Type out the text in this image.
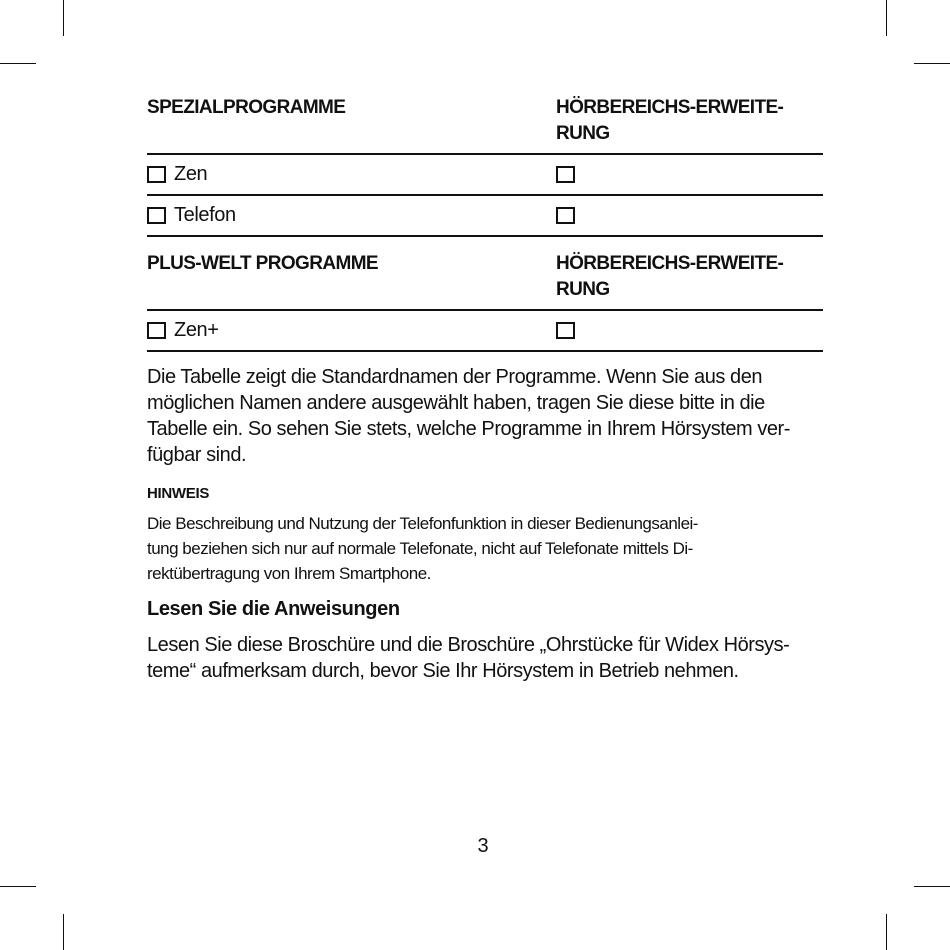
SPEZIALPROGRAMME	HÖRBEREICHS-ERWEITE-
RUNG
Zen
Telefon
PLUS-WELT PROGRAMME	HÖRBEREICHS-ERWEITE-
RUNG
Zen+

Die Tabelle zeigt die Standardnamen der Programme. Wenn Sie aus den möglichen Namen andere ausgewählt haben, tragen Sie diese bitte in die Tabelle ein. So sehen Sie stets, welche Programme in Ihrem Hörsystem ver-
fügbar sind.

HINWEIS
Die Beschreibung und Nutzung der Telefonfunktion in dieser Bedienungsanlei-
tung beziehen sich nur auf normale Telefonate, nicht auf Telefonate mittels Di-
rektübertragung von Ihrem Smartphone.
Lesen Sie die Anweisungen
Lesen Sie diese Broschüre und die Broschüre „Ohrstücke für Widex Hörsys-
teme“ aufmerksam durch, bevor Sie Ihr Hörsystem in Betrieb nehmen.
3
